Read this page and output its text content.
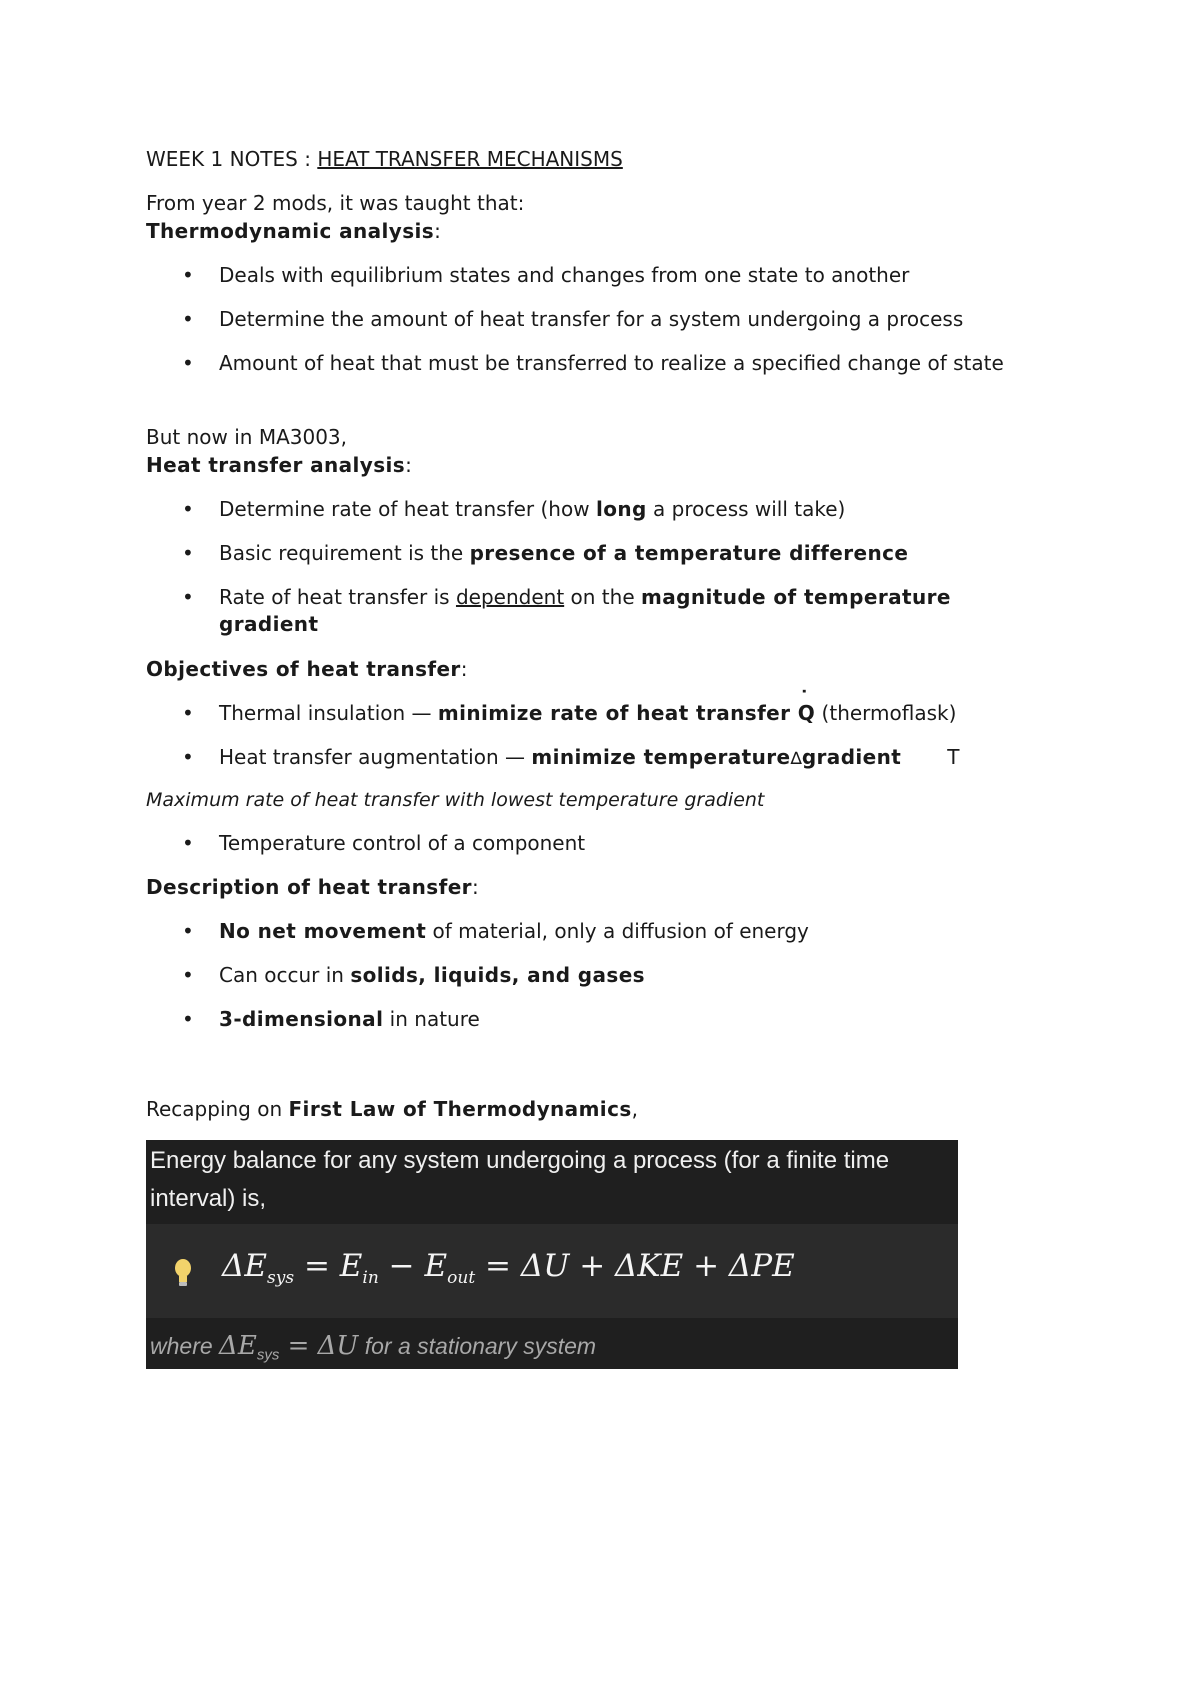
WEEK 1 NOTES : HEAT TRANSFER MECHANISMS
From year 2 mods, it was taught that:
Thermodynamic analysis:
• Deals with equilibrium states and changes from one state to another
• Determine the amount of heat transfer for a system undergoing a process
• Amount of heat that must be transferred to realize a specified change of state
But now in MA3003,
Heat transfer analysis:
• Determine rate of heat transfer (how long a process will take)
• Basic requirement is the presence of a temperature difference
• Rate of heat transfer is dependent on the magnitude of temperature gradient
Objectives of heat transfer:
• Thermal insulation — minimize rate of heat transfer ˙ Q (thermoflask)
• Heat transfer augmentation — minimize temperature∆gradient T
Maximum rate of heat transfer with lowest temperature gradient
• Temperature control of a component
Description of heat transfer:
• No net movement of material, only a diffusion of energy
• Can occur in solids, liquids, and gases
• 3-dimensional in nature
Recapping on First Law of Thermodynamics,
Energy balance for any system undergoing a process (for a finite time interval) is,
$\Delta E_{sys} = E_{in} - E_{out} = \Delta U + \Delta KE + \Delta PE$
where $\Delta E_{sys} = \Delta U$ for a stationary system
